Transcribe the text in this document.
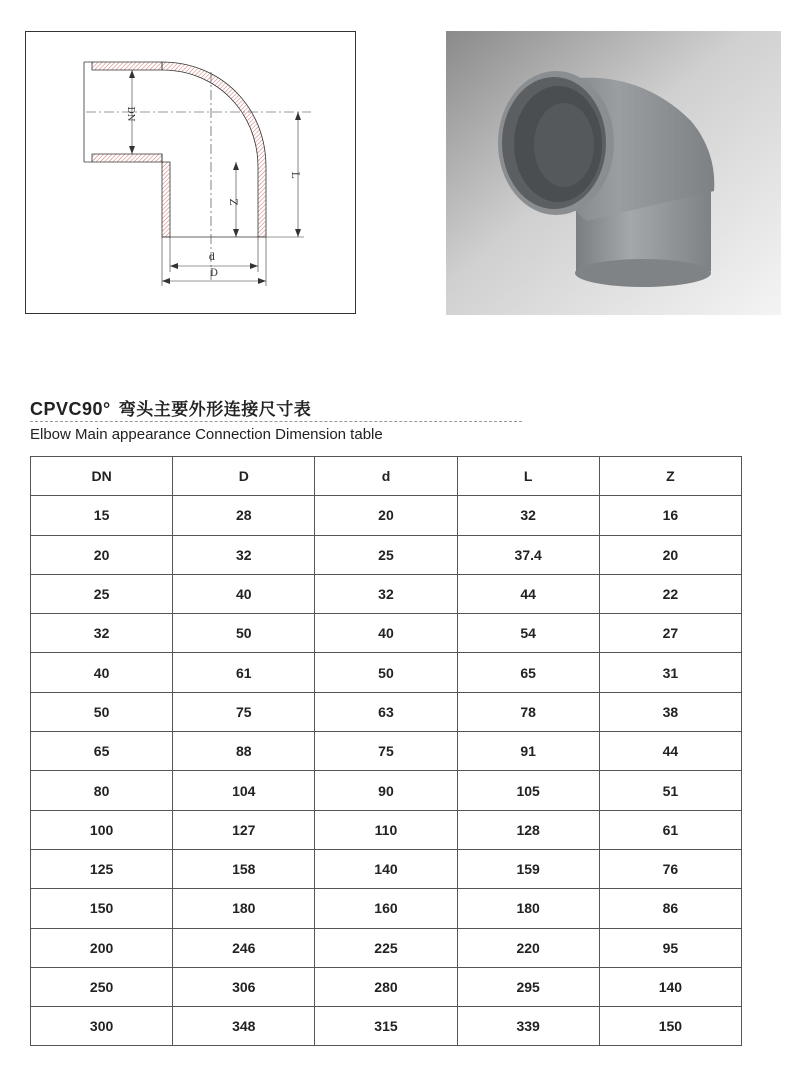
DN
L
Z
d
D
CPVC90° 弯头主要外形连接尺寸表
Elbow Main appearance Connection Dimension table
DN	D	d	L	Z
15	28	20	32	16
20	32	25	37.4	20
25	40	32	44	22
32	50	40	54	27
40	61	50	65	31
50	75	63	78	38
65	88	75	91	44
80	104	90	105	51
100	127	110	128	61
125	158	140	159	76
150	180	160	180	86
200	246	225	220	95
250	306	280	295	140
300	348	315	339	150
